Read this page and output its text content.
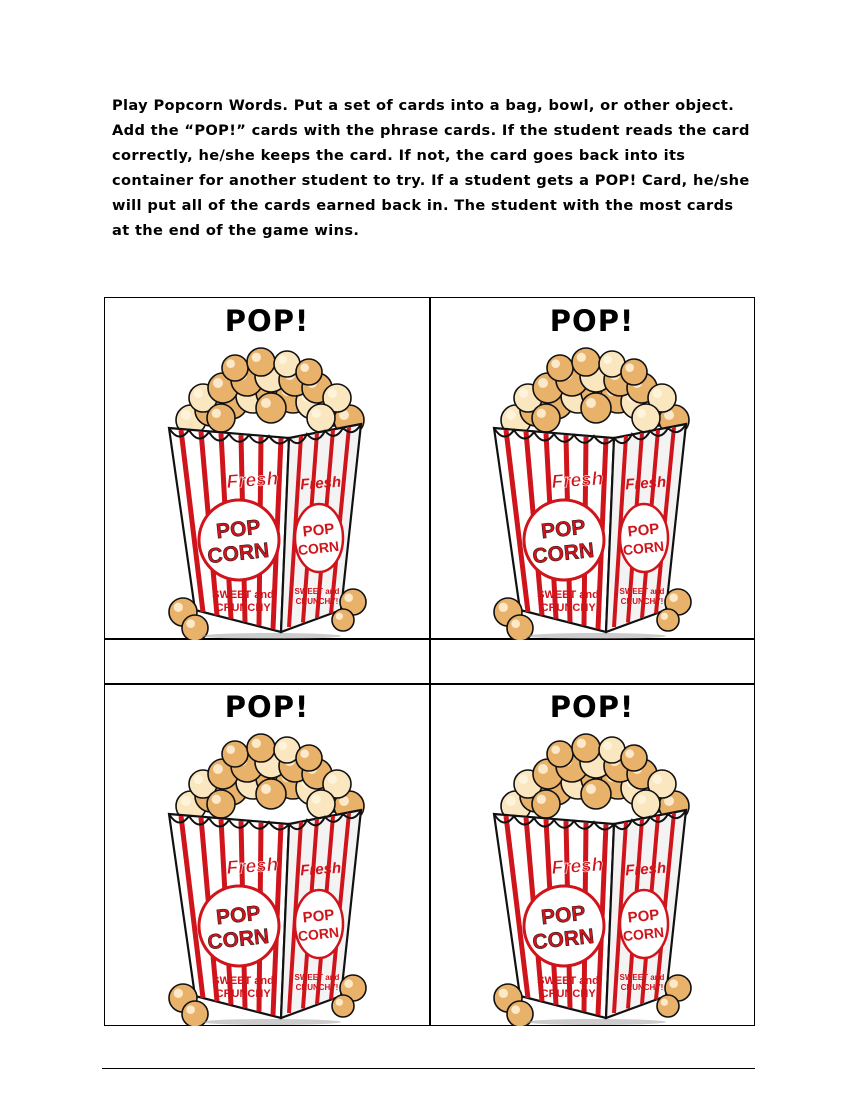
Play Popcorn Words. Put a set of cards into a bag, bowl, or other object.
Add the “POP!” cards with the phrase cards. If the student reads the card
correctly, he/she keeps the card. If not, the card goes back into its
container for another student to try. If a student gets a POP! Card, he/she
will put all of the cards earned back in. The student with the most cards
at the end of the game wins.
POP!
Fresh
POP
CORN
SWEET and
CRUNCHY!
Fresh
POP
CORN
SWEET and
CRUNCHY!
POP!
Fresh
POP
CORN
SWEET and
CRUNCHY!
Fresh
POP
CORN
SWEET and
CRUNCHY!
POP!
Fresh
POP
CORN
SWEET and
CRUNCHY!
Fresh
POP
CORN
SWEET and
CRUNCHY!
POP!
Fresh
POP
CORN
SWEET and
CRUNCHY!
Fresh
POP
CORN
SWEET and
CRUNCHY!
